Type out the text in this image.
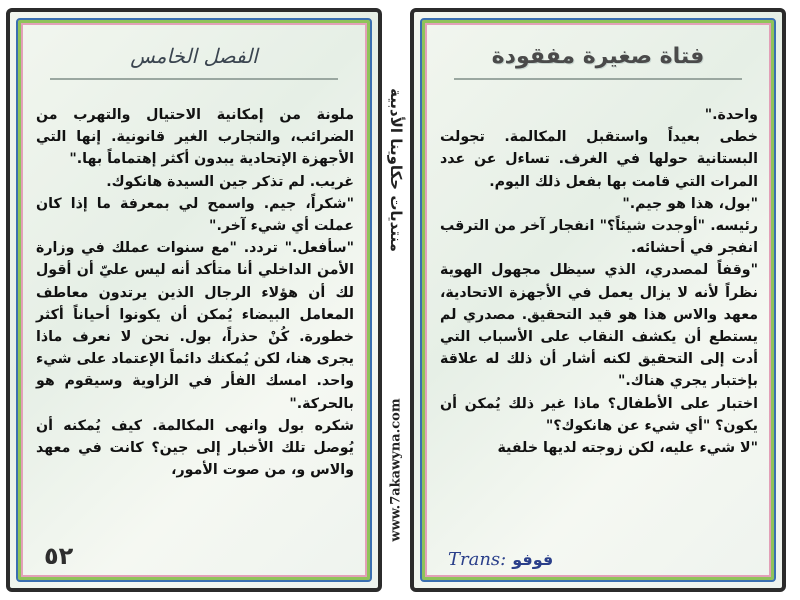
الفصل الخامس

ملونة من إمكانية الاحتيال والتهرب من الضرائب، والتجارب الغير قانونية. إنها التي الأجهزة الإتحادية يبدون أكثر إهتماماً بها."

غريب. لم تذكر جين السيدة هانكوك.

"شكراً، جيم. واسمح لي بمعرفة ما إذا كان عملت أي شيء آخر."

"سأفعل." تردد. "مع سنوات عملك في وزارة الأمن الداخلي أنا متأكد أنه ليس عليّ أن أقول لك أن هؤلاء الرجال الذين يرتدون معاطف المعامل البيضاء يُمكن أن يكونوا أحياناً أكثر خطورة. كُنْ حذراً، بول. نحن لا نعرف ماذا يجرى هنا، لكن يُمكنك دائماً الإعتماد على شيء واحد. امسك الفأر في الزاوية وسيقوم هو بالحركة."

شكره بول وانهى المكالمة. كيف يُمكنه أن يُوصل تلك الأخبار إلى جين؟ كانت في معهد والاس و، من صوت الأمور،

٥٢
منتديات حكاوينا الأدبية
www.7akawyna.com
فتاة صغيرة مفقودة

واحدة."

خطى بعيداً واستقبل المكالمة. تجولت البستانية حولها في الغرف. تساءل عن عدد المرات التي قامت بها بفعل ذلك اليوم.

"بول، هذا هو جيم."

رئيسه. "أوجدت شيئاً؟" انفجار آخر من الترقب انفجر في أحشائه.

"وقفاً لمصدري، الذي سيظل مجهول الهوية نظراً لأنه لا يزال يعمل في الأجهزة الاتحادية، معهد والاس هذا هو قيد التحقيق. مصدري لم يستطع أن يكشف النقاب على الأسباب التي أدت إلى التحقيق لكنه أشار أن ذلك له علاقة بإختبار يجري هناك."

اختبار على الأطفال؟ ماذا غير ذلك يُمكن أن يكون؟ "أي شيء عن هانكوك؟"

"لا شيء عليه، لكن زوجته لديها خلفية

Trans: فوفو
